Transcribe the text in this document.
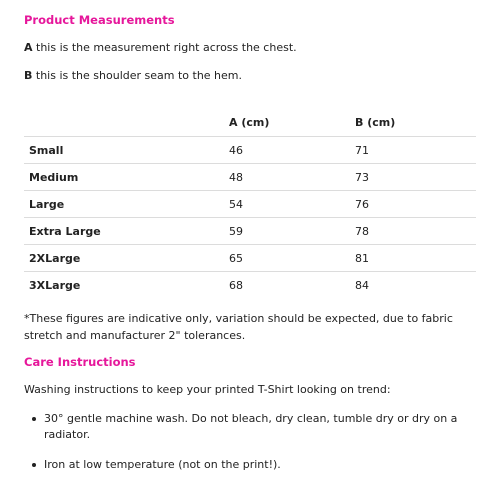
Product Measurements
A this is the measurement right across the chest.
B this is the shoulder seam to the hem.
	A (cm)	B (cm)
Small	46	71
Medium	48	73
Large	54	76
Extra Large	59	78
2XLarge	65	81
3XLarge	68	84
*These figures are indicative only, variation should be expected, due to fabric stretch and manufacturer 2" tolerances.
Care Instructions
Washing instructions to keep your printed T-Shirt looking on trend:
30° gentle machine wash. Do not bleach, dry clean, tumble dry or dry on a radiator.
Iron at low temperature (not on the print!).
